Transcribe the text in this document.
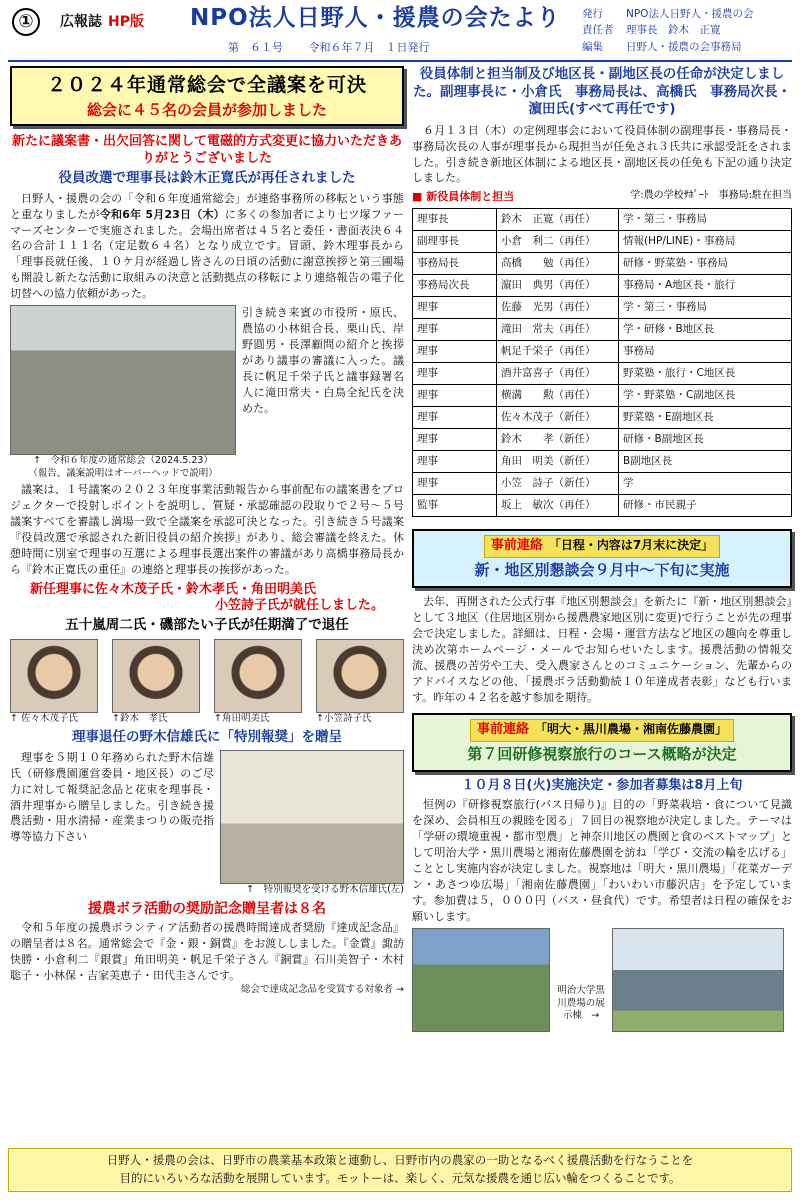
①	広報誌 HP版 NPO法人日野人・援農の会たより
第　６１号 令和６年７月　１日発行
発行	NPO法人日野人・援農の会
責任者	理事長　鈴木　正寛
編集	日野人・援農の会事務局
２０２４年通常総会で全議案を可決
総会に４５名の会員が参加しました
新たに議案書・出欠回答に関して電磁的方式変更に協力いただきありがとうございました
役員改選で理事長は鈴木正寛氏が再任されました
日野人・援農の会の「令和６年度通常総会」が連絡事務所の移転という事態と重なりましたが令和6年 5月23日（木）に多くの参加者により七ツ塚ファーマーズセンターで実施されました。会場出席者は４５名と委任・書面表決６４名の合計１１１名（定足数６４名）となり成立です。冒頭、鈴木理事長から「理事長就任後、１０ケ月が経過し皆さんの日頃の活動に謝意挨拶と第三圃場も開設し新たな活動に取組みの決意と活動拠点の移転により連絡報告の電子化切替への協力依頼があった。
↑　令和６年度の通常総会（2024.5.23）
（報告、議案説明はオーバーヘッドで説明）
引き続き来賓の市役所・原氏、農協の小林組合長、栗山氏、岸野圓男・長澤顧問の紹介と挨拶があり議事の審議に入った。議長に帆足千栄子氏と議事録署名人に滝田常夫・白鳥全紀氏を決めた。
議案は、１号議案の２０２３年度事業活動報告から事前配布の議案書をプロジェクターで投射しポイントを説明し、質疑・承認確認の段取りで２号～５号議案すべてを審議し満場一致で全議案を承認可決となった。引き続き５号議案『役員改選で承認された新旧役員の紹介挨拶』があり、総会審議を終えた。休憩時間に別室で理事の互選による理事長選出案件の審議があり高橋事務局長から『鈴木正寛氏の重任』の連絡と理事長の挨拶があった。
新任理事に佐々木茂子氏・鈴木孝氏・角田明美氏
小笠詩子氏が就任しました。
五十嵐周二氏・磯部たい子氏が任期満了で退任
↑ 佐々木茂子氏	↑鈴木　孝氏	↑角田明美氏	↑小笠詩子氏
理事退任の野木信雄氏に「特別報奨」を贈呈
理事を５期１０年務められた野木信雄氏（研修農園運営委員・地区長）のご尽力に対して報奨記念品と花束を理事長・酒井理事から贈呈しました。引き続き援農活動・用水清掃・産業まつりの販売指導等協力下さい
↑　特別報奨を受ける野木信雄氏(左)
援農ボラ活動の奨励記念贈呈者は８名
令和５年度の援農ボランティア活動者の援農時間達成者奨励『達成記念品』の贈呈者は８名。通常総会で『金・銀・銅賞』をお渡ししました。『金賞』諏訪快勝・小倉利二『銀賞』角田明美・帆足千栄子さん『銅賞』石川美智子・木村聡子・小林保・吉家美恵子・田代圭さんです。
総会で達成記念品を受賞する対象者 →
役員体制と担当制及び地区長・副地区長の任命が決定しました。副理事長に・小倉氏　事務局長は、高橋氏　事務局次長・濵田氏(すべて再任です)
６月１３日（木）の定例理事会において役員体制の副理事長・事務局長・事務局次長の人事が理事長から現担当が任免され３氏共に承認受託をされました。引き続き新地区体制による地区長・副地区長の任免も下記の通り決定しました。
■ 新役員体制と担当	学:農の学校ｻﾎﾟｰﾄ　事務局:駐在担当
理事長	鈴木　正寛（再任）	学・第三・事務局
副理事長	小倉　利二（再任）	情報(HP/LINE)・事務局
事務局長	高橋　　勉（再任）	研修・野菜塾・事務局
事務局次長	濵田　典男（再任）	事務局・A地区長・旅行
理事	佐藤　光男（再任）	学・第三・事務局
理事	滝田　常夫（再任）	学・研修・B地区長
理事	帆足千栄子（再任）	事務局
理事	酒井富喜子（再任）	野菜塾・旅行・C地区長
理事	横溝　　勲（再任）	学・野菜塾・C副地区長
理事	佐々木茂子（新任）	野菜塾・E副地区長
理事	鈴木　　孝（新任）	研修・B副地区長
理事	角田　明美（新任）	B副地区長
理事	小笠　詩子（新任）	学
監事	坂上　敏次（再任）	研修・市民親子
事前連絡 「日程・内容は7月末に決定」
新・地区別懇談会９月中～下旬に実施
去年、再開された公式行事『地区別懇談会』を新たに『新・地区別懇談会』として３地区（住居地区別から援農農家地区別に変更)で行うことが先の理事会で決定しました。詳細は、日程・会場・運営方法など地区の趣向を尊重し決め次第ホームページ・メールでお知らせいたします。援農活動の情報交流、援農の苦労や工夫、受入農家さんとのコミュニケーション、先輩からのアドバイスなどの他、「援農ボラ活動勤続１０年達成者表彰」なども行います。昨年の４２名を越す参加を期待。
事前連絡 「明大・黒川農場・湘南佐藤農園」
第７回研修視察旅行のコース概略が決定
１０月８日(火)実施決定・参加者募集は8月上旬
恒例の『研修視察旅行(バス日帰り)』目的の「野菜栽培・食について見識を深め、会員相互の親睦を図る」７回目の視察地が決定しました。テーマは「学研の環境重視・都市型農」と神奈川地区の農園と食のベストマップ」として明治大学・黒川農場と湘南佐藤農園を訪ね「学び・交流の輪を広げる」こととし実施内容が決定しました。視察地は「明大・黒川農場」「花菜ガーデン・あさつゆ広場」「湘南佐藤農園」「わいわい市藤沢店」を予定しています。参加費は５，０００円（バス・昼食代）です。希望者は日程の確保をお願いします。
明治大学黒川農場の展示棟　→
日野人・援農の会は、日野市の農業基本政策と連動し、日野市内の農家の一助となるべく援農活動を行なうことを
目的にいろいろな活動を展開しています。モットーは、楽しく、元気な援農を通じ広い輪をつくることです。
